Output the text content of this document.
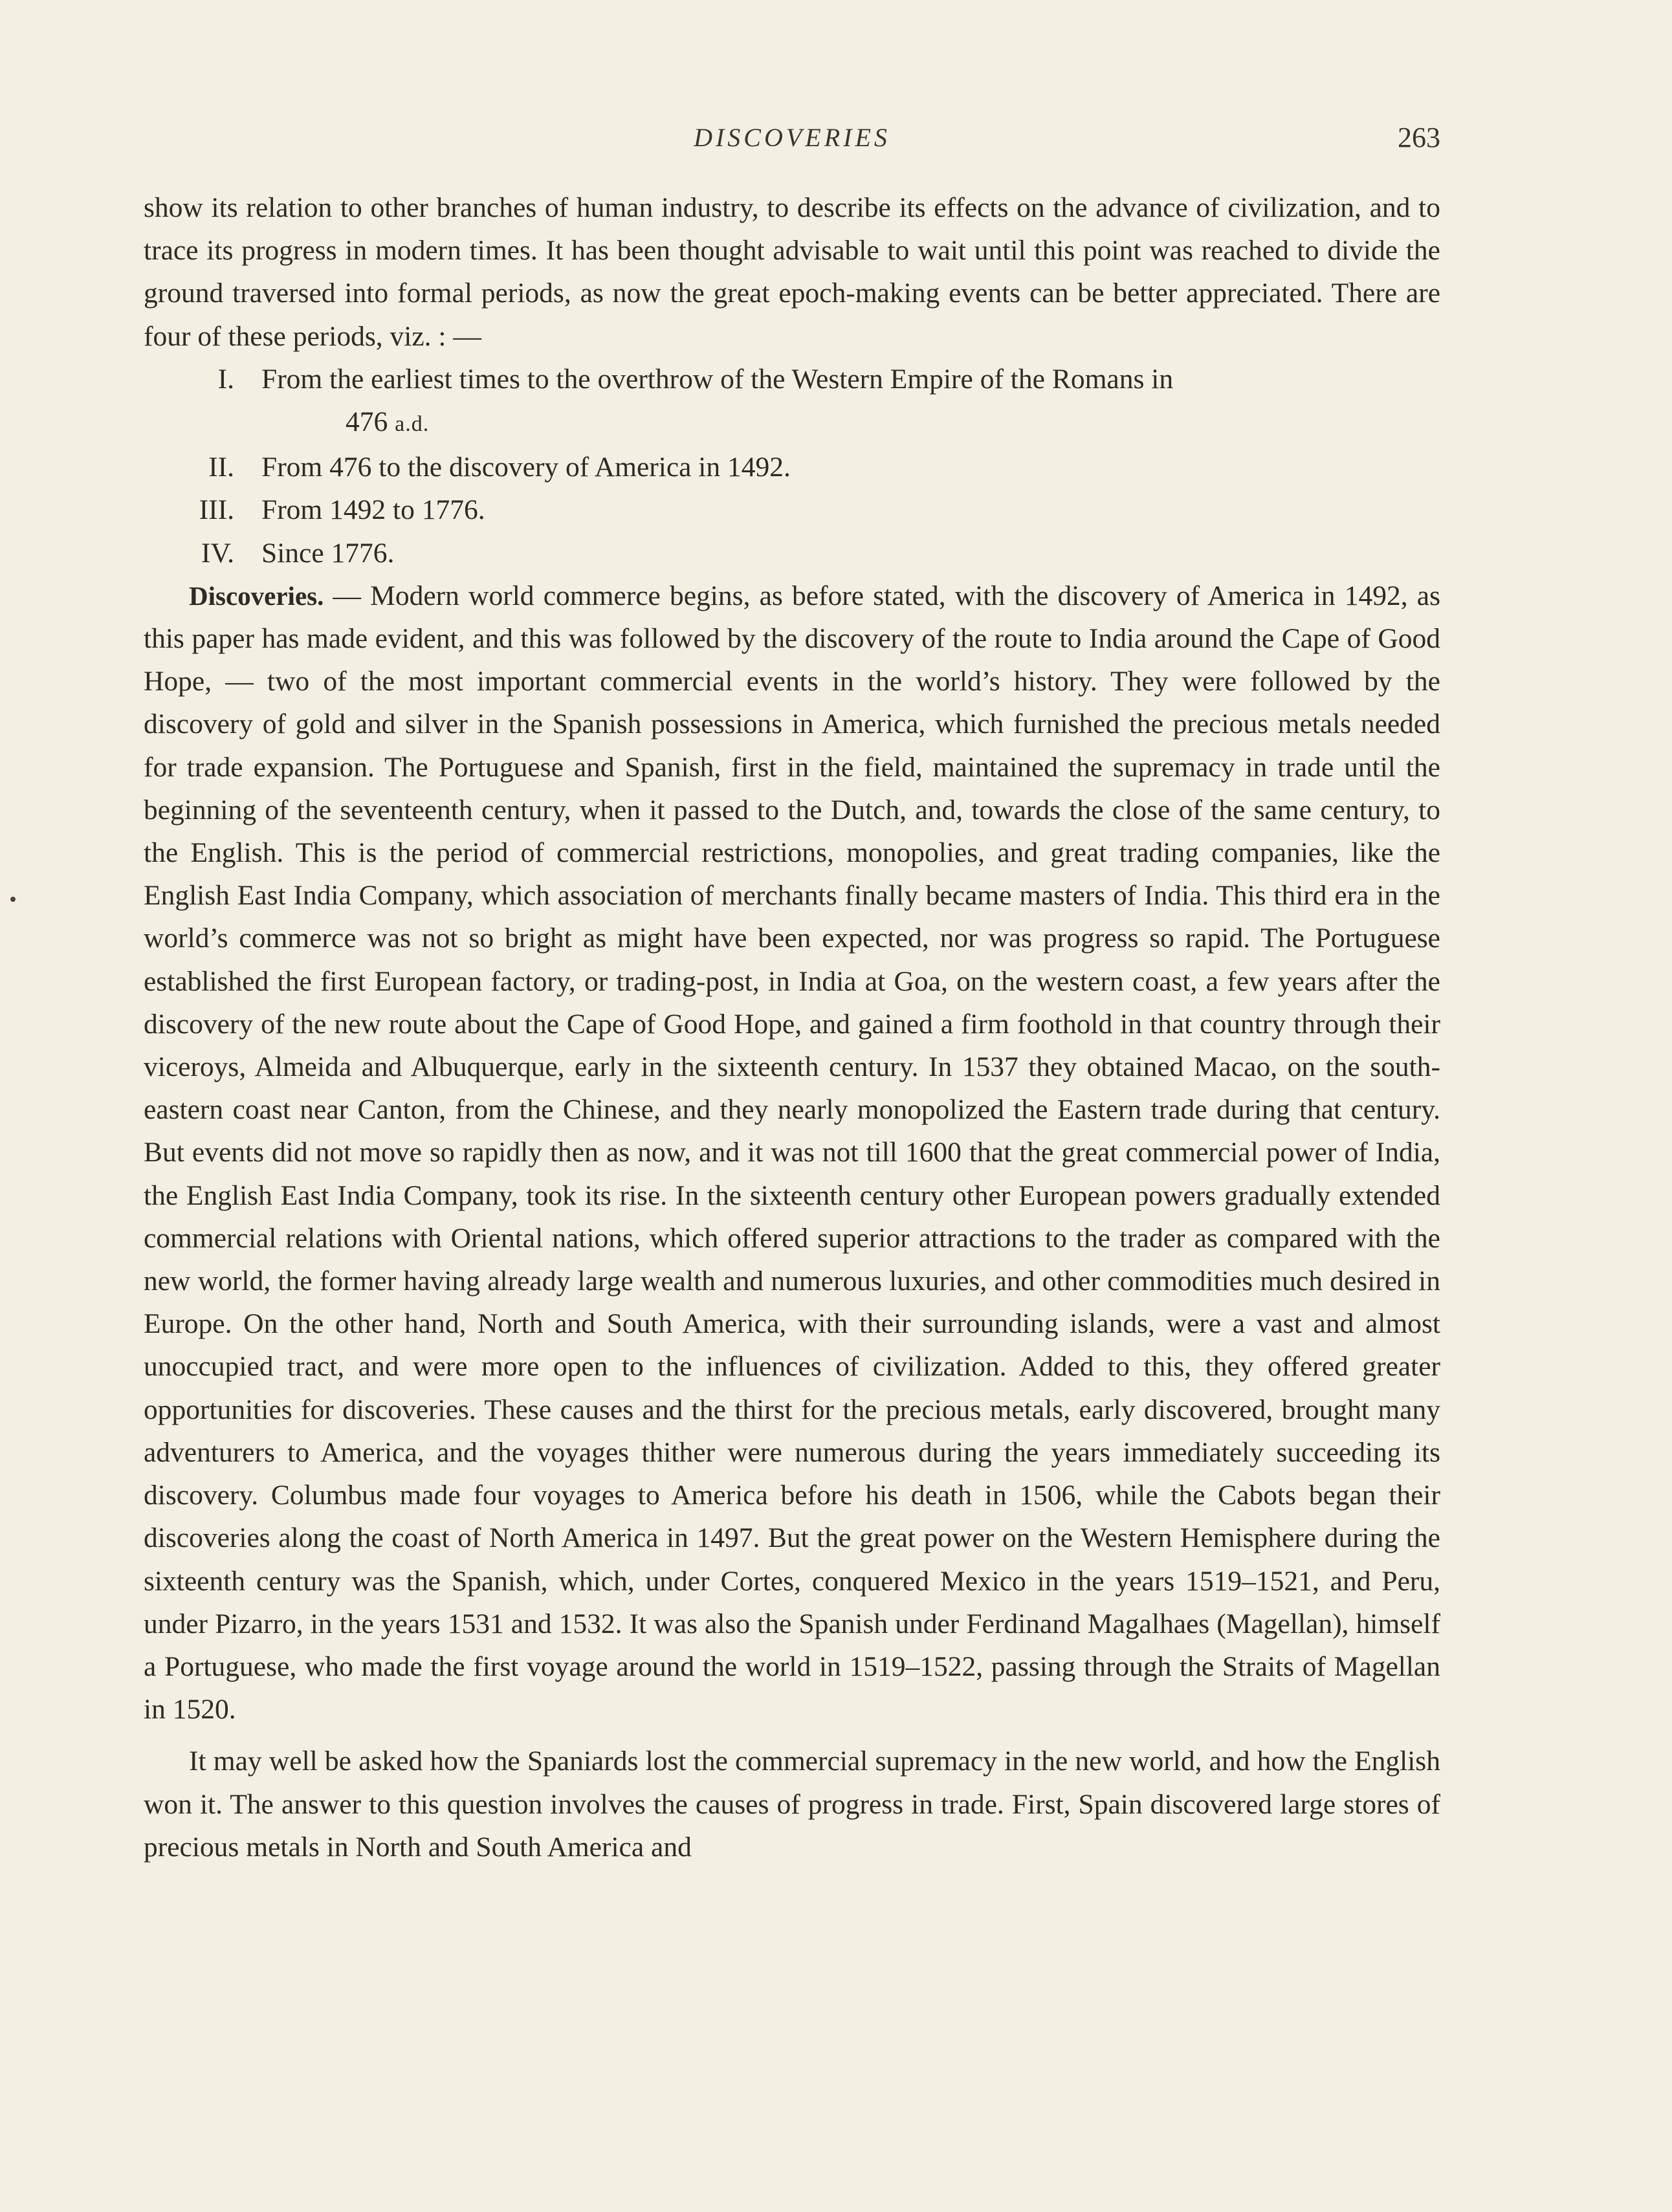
DISCOVERIES	263

show its relation to other branches of human industry, to describe its effects on the advance of civilization, and to trace its progress in modern times. It has been thought advisable to wait until this point was reached to divide the ground traversed into formal periods, as now the great epoch-making events can be better appreciated. There are four of these periods, viz. : —

I. From the earliest times to the overthrow of the Western Empire of the Romans in
476 a.d.
II. From 476 to the discovery of America in 1492.
III. From 1492 to 1776.
IV. Since 1776.

Discoveries. — Modern world commerce begins, as before stated, with the discovery of America in 1492, as this paper has made evident, and this was followed by the discovery of the route to India around the Cape of Good Hope, — two of the most important commercial events in the world’s history. They were followed by the discovery of gold and silver in the Spanish possessions in America, which furnished the precious metals needed for trade expansion. The Portuguese and Spanish, first in the field, maintained the supremacy in trade until the beginning of the seventeenth century, when it passed to the Dutch, and, towards the close of the same century, to the English. This is the period of commercial restrictions, monopolies, and great trading companies, like the English East India Company, which association of merchants finally became masters of India. This third era in the world’s commerce was not so bright as might have been expected, nor was progress so rapid. The Portuguese established the first European factory, or trading-post, in India at Goa, on the western coast, a few years after the discovery of the new route about the Cape of Good Hope, and gained a firm foothold in that country through their viceroys, Almeida and Albuquerque, early in the sixteenth century. In 1537 they obtained Macao, on the south-eastern coast near Canton, from the Chinese, and they nearly monopolized the Eastern trade during that century. But events did not move so rapidly then as now, and it was not till 1600 that the great commercial power of India, the English East India Company, took its rise. In the sixteenth century other European powers gradually extended commercial relations with Oriental nations, which offered superior attractions to the trader as compared with the new world, the former having already large wealth and numerous luxuries, and other commodities much desired in Europe. On the other hand, North and South America, with their surrounding islands, were a vast and almost unoccupied tract, and were more open to the influences of civilization. Added to this, they offered greater opportunities for discoveries. These causes and the thirst for the precious metals, early discovered, brought many adventurers to America, and the voyages thither were numerous during the years immediately succeeding its discovery. Columbus made four voyages to America before his death in 1506, while the Cabots began their discoveries along the coast of North America in 1497. But the great power on the Western Hemisphere during the sixteenth century was the Spanish, which, under Cortes, conquered Mexico in the years 1519–1521, and Peru, under Pizarro, in the years 1531 and 1532. It was also the Spanish under Ferdinand Magalhaes (Magellan), himself a Portuguese, who made the first voyage around the world in 1519–1522, passing through the Straits of Magellan in 1520.

It may well be asked how the Spaniards lost the commercial supremacy in the new world, and how the English won it. The answer to this question involves the causes of progress in trade. First, Spain discovered large stores of precious metals in North and South America and
